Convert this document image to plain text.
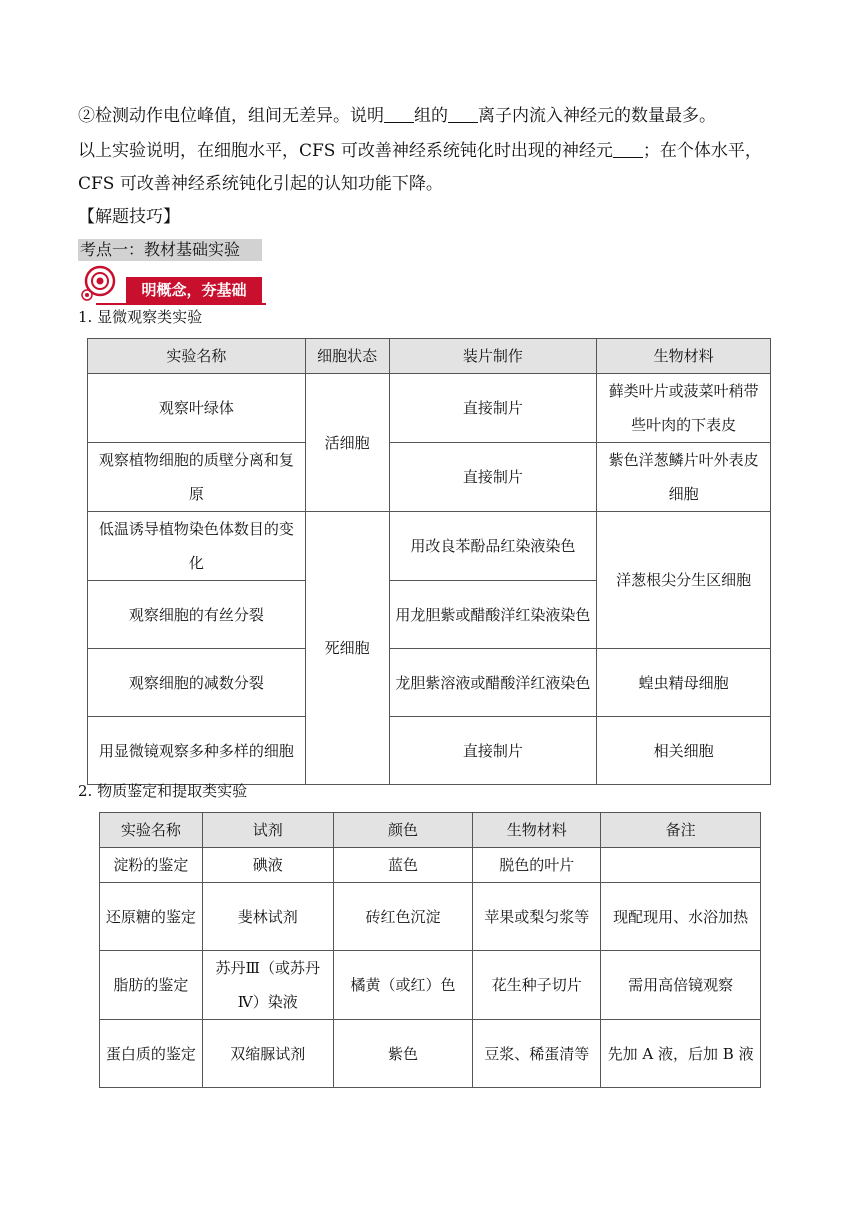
②检测动作电位峰值，组间无差异。说明 组的 离子内流入神经元的数量最多。
以上实验说明，在细胞水平，CFS 可改善神经系统钝化时出现的神经元 ；在个体水平，
CFS 可改善神经系统钝化引起的认知功能下降。
【解题技巧】
考点一：教材基础实验
明概念，夯基础
1. 显微观察类实验
实验名称	细胞状态	装片制作	生物材料
观察叶绿体	活细胞	直接制片	藓类叶片或菠菜叶稍带些叶肉的下表皮
观察植物细胞的质壁分离和复原		直接制片	紫色洋葱鳞片叶外表皮细胞
低温诱导植物染色体数目的变化	死细胞	用改良苯酚品红染液染色	洋葱根尖分生区细胞
观察细胞的有丝分裂		用龙胆紫或醋酸洋红染液染色	
观察细胞的减数分裂		龙胆紫溶液或醋酸洋红液染色	蝗虫精母细胞
用显微镜观察多种多样的细胞		直接制片	相关细胞
2. 物质鉴定和提取类实验
实验名称	试剂	颜色	生物材料	备注
淀粉的鉴定	碘液	蓝色	脱色的叶片	
还原糖的鉴定	斐林试剂	砖红色沉淀	苹果或梨匀浆等	现配现用、水浴加热
脂肪的鉴定	苏丹Ⅲ（或苏丹Ⅳ）染液	橘黄（或红）色	花生种子切片	需用高倍镜观察
蛋白质的鉴定	双缩脲试剂	紫色	豆浆、稀蛋清等	先加 A 液，后加 B 液
